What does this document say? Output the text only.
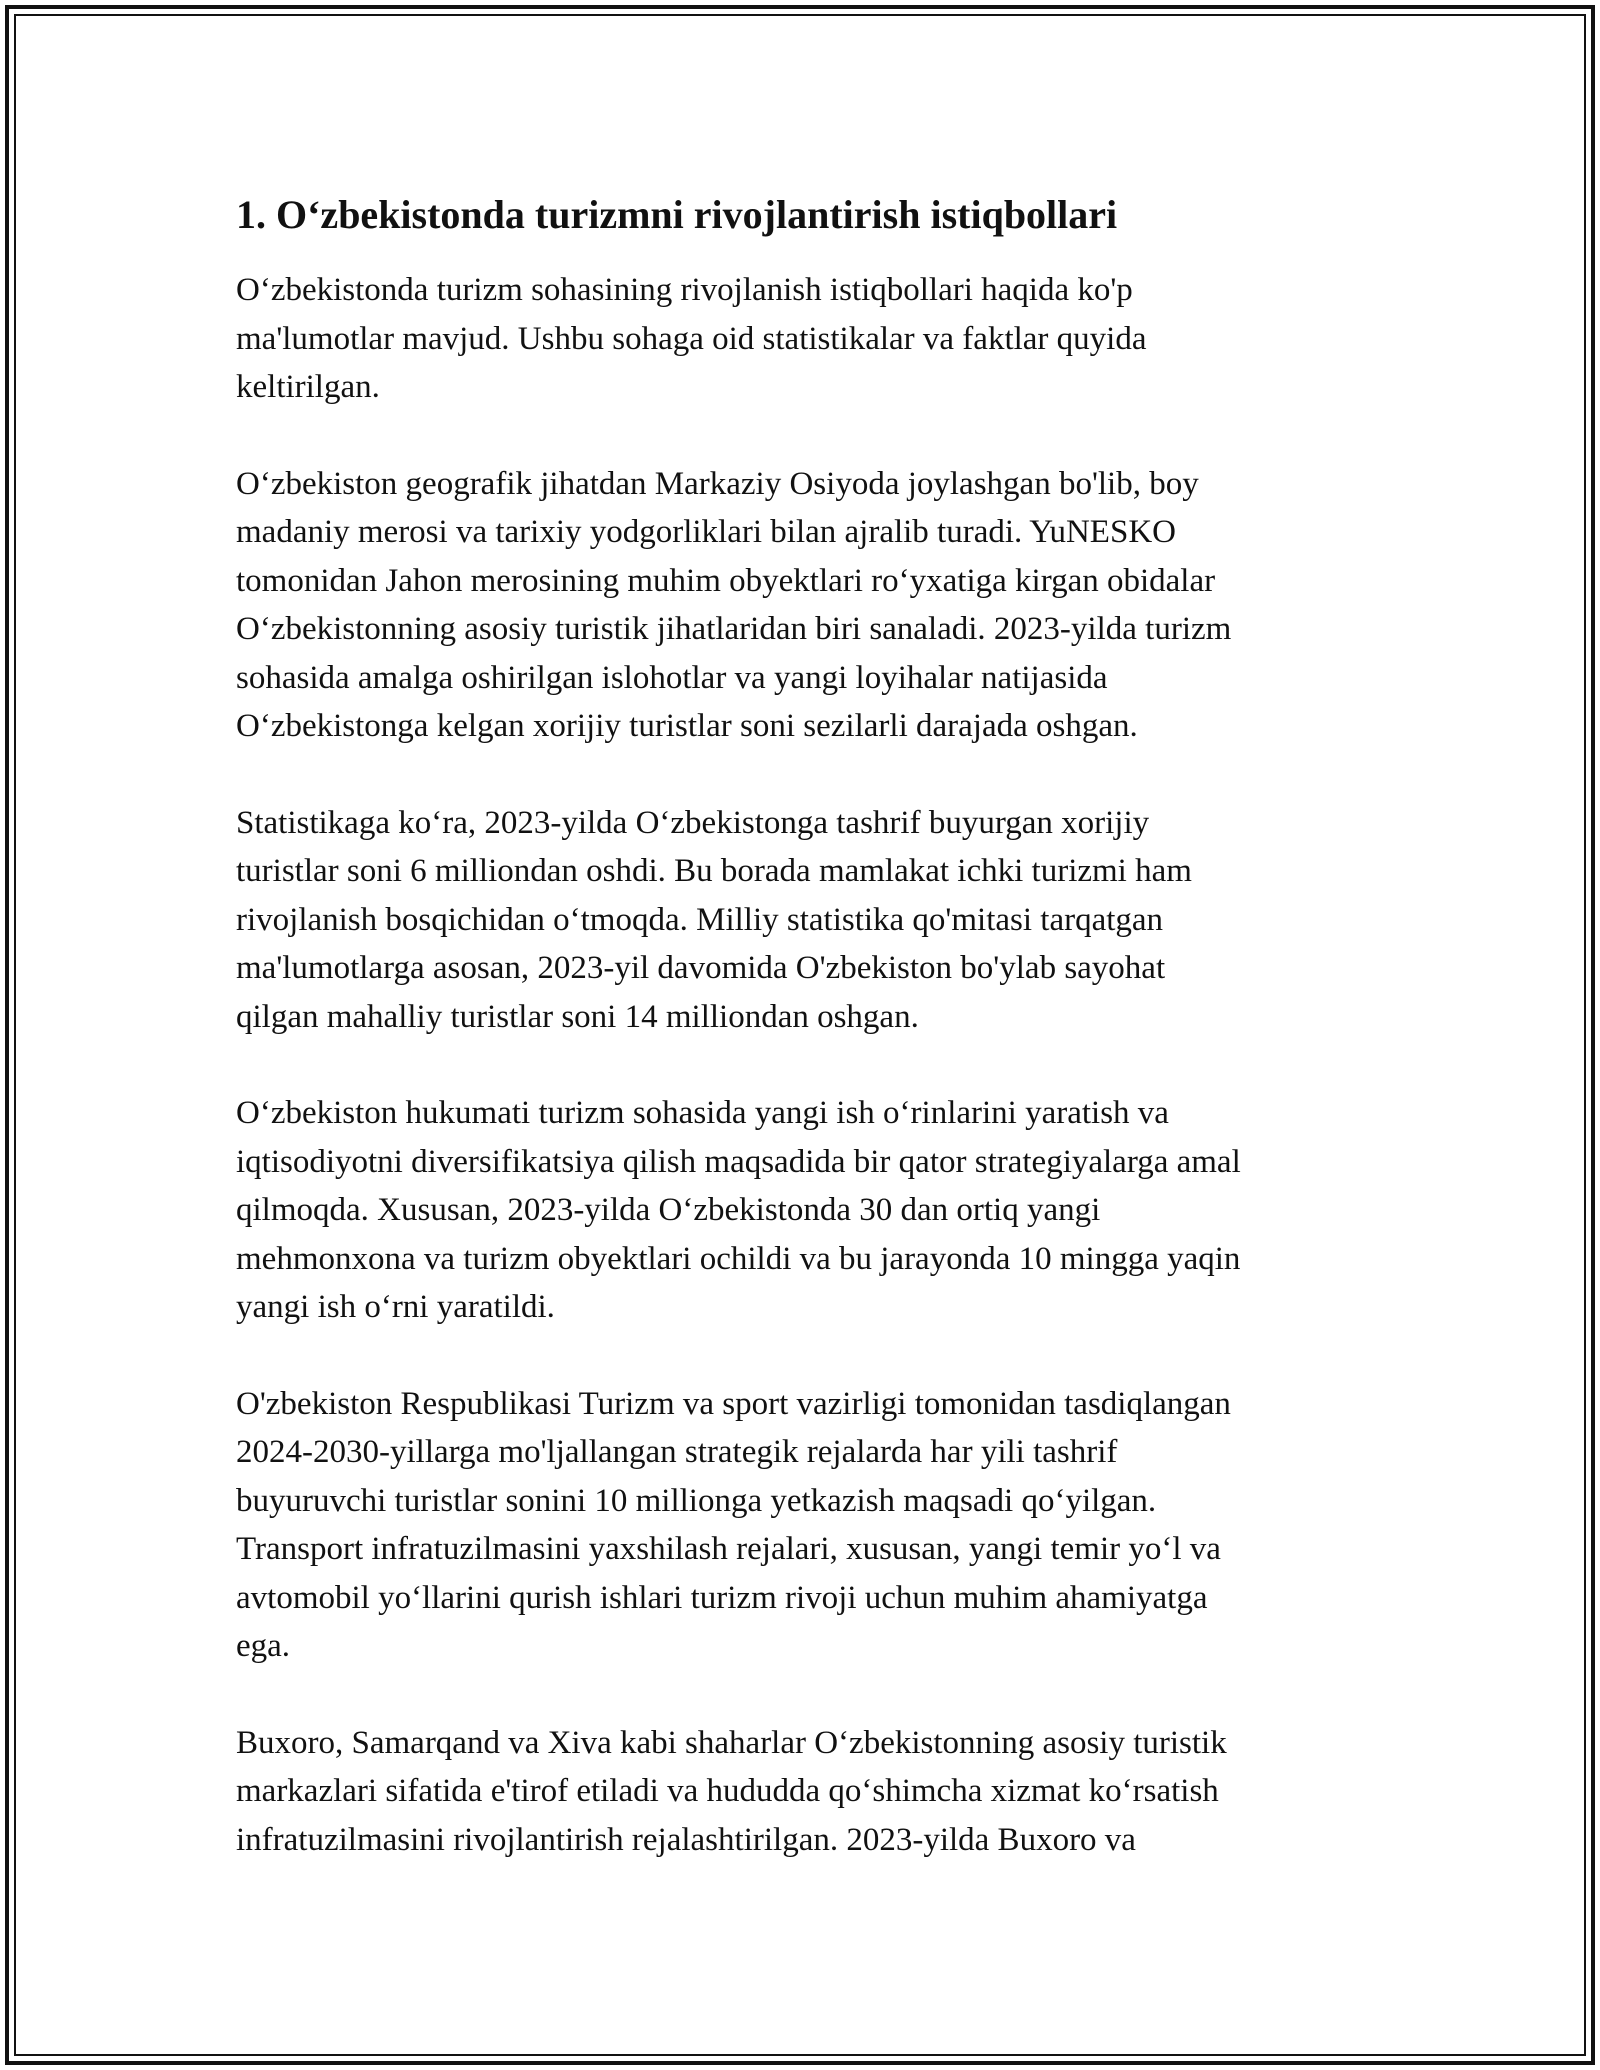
1. O‘zbekistonda turizmni rivojlantirish istiqbollari

O‘zbekistonda turizm sohasining rivojlanish istiqbollari haqida ko'p
ma'lumotlar mavjud. Ushbu sohaga oid statistikalar va faktlar quyida
keltirilgan.

O‘zbekiston geografik jihatdan Markaziy Osiyoda joylashgan bo'lib, boy
madaniy merosi va tarixiy yodgorliklari bilan ajralib turadi. YuNESKO
tomonidan Jahon merosining muhim obyektlari ro‘yxatiga kirgan obidalar
O‘zbekistonning asosiy turistik jihatlaridan biri sanaladi. 2023-yilda turizm
sohasida amalga oshirilgan islohotlar va yangi loyihalar natijasida
O‘zbekistonga kelgan xorijiy turistlar soni sezilarli darajada oshgan.

Statistikaga ko‘ra, 2023-yilda O‘zbekistonga tashrif buyurgan xorijiy
turistlar soni 6 milliondan oshdi. Bu borada mamlakat ichki turizmi ham
rivojlanish bosqichidan o‘tmoqda. Milliy statistika qo'mitasi tarqatgan
ma'lumotlarga asosan, 2023-yil davomida O'zbekiston bo'ylab sayohat
qilgan mahalliy turistlar soni 14 milliondan oshgan.

O‘zbekiston hukumati turizm sohasida yangi ish o‘rinlarini yaratish va
iqtisodiyotni diversifikatsiya qilish maqsadida bir qator strategiyalarga amal
qilmoqda. Xususan, 2023-yilda O‘zbekistonda 30 dan ortiq yangi
mehmonxona va turizm obyektlari ochildi va bu jarayonda 10 mingga yaqin
yangi ish o‘rni yaratildi.

O'zbekiston Respublikasi Turizm va sport vazirligi tomonidan tasdiqlangan
2024-2030-yillarga mo'ljallangan strategik rejalarda har yili tashrif
buyuruvchi turistlar sonini 10 millionga yetkazish maqsadi qo‘yilgan.
Transport infratuzilmasini yaxshilash rejalari, xususan, yangi temir yo‘l va
avtomobil yo‘llarini qurish ishlari turizm rivoji uchun muhim ahamiyatga
ega.

Buxoro, Samarqand va Xiva kabi shaharlar O‘zbekistonning asosiy turistik
markazlari sifatida e'tirof etiladi va hududda qo‘shimcha xizmat ko‘rsatish
infratuzilmasini rivojlantirish rejalashtirilgan. 2023-yilda Buxoro va
